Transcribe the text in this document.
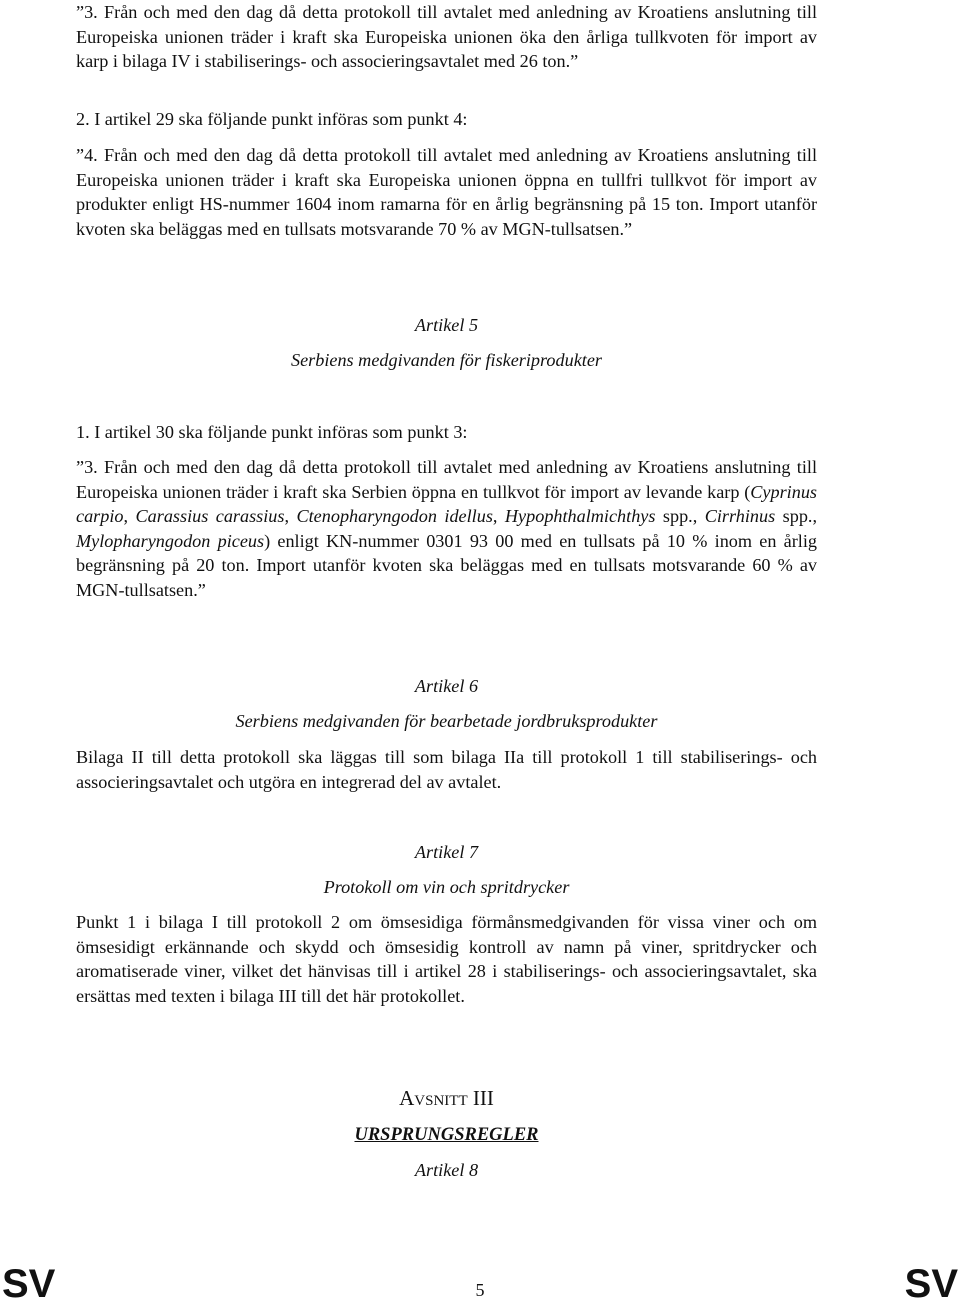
”3. Från och med den dag då detta protokoll till avtalet med anledning av Kroatiens anslutning till Europeiska unionen träder i kraft ska Europeiska unionen öka den årliga tullkvoten för import av karp i bilaga IV i stabiliserings- och associeringsavtalet med 26 ton.”

2. I artikel 29 ska följande punkt införas som punkt 4:

”4. Från och med den dag då detta protokoll till avtalet med anledning av Kroatiens anslutning till Europeiska unionen träder i kraft ska Europeiska unionen öppna en tullfri tullkvot för import av produkter enligt HS-nummer 1604 inom ramarna för en årlig begränsning på 15 ton. Import utanför kvoten ska beläggas med en tullsats motsvarande 70 % av MGN-tullsatsen.”

Artikel 5

Serbiens medgivanden för fiskeriprodukter

1. I artikel 30 ska följande punkt införas som punkt 3:

”3. Från och med den dag då detta protokoll till avtalet med anledning av Kroatiens anslutning till Europeiska unionen träder i kraft ska Serbien öppna en tullkvot för import av levande karp (Cyprinus carpio, Carassius carassius, Ctenopharyngodon idellus, Hypophthalmichthys spp., Cirrhinus spp., Mylopharyngodon piceus) enligt KN-nummer 0301 93 00 med en tullsats på 10 % inom en årlig begränsning på 20 ton. Import utanför kvoten ska beläggas med en tullsats motsvarande 60 % av MGN-tullsatsen.”

Artikel 6

Serbiens medgivanden för bearbetade jordbruksprodukter

Bilaga II till detta protokoll ska läggas till som bilaga IIa till protokoll 1 till stabiliserings- och associeringsavtalet och utgöra en integrerad del av avtalet.

Artikel 7

Protokoll om vin och spritdrycker

Punkt 1 i bilaga I till protokoll 2 om ömsesidiga förmånsmedgivanden för vissa viner och om ömsesidigt erkännande och skydd och ömsesidig kontroll av namn på viner, spritdrycker och aromatiserade viner, vilket det hänvisas till i artikel 28 i stabiliserings- och associeringsavtalet, ska ersättas med texten i bilaga III till det här protokollet.

Avsnitt III

URSPRUNGSREGLER

Artikel 8

SV	5	SV
